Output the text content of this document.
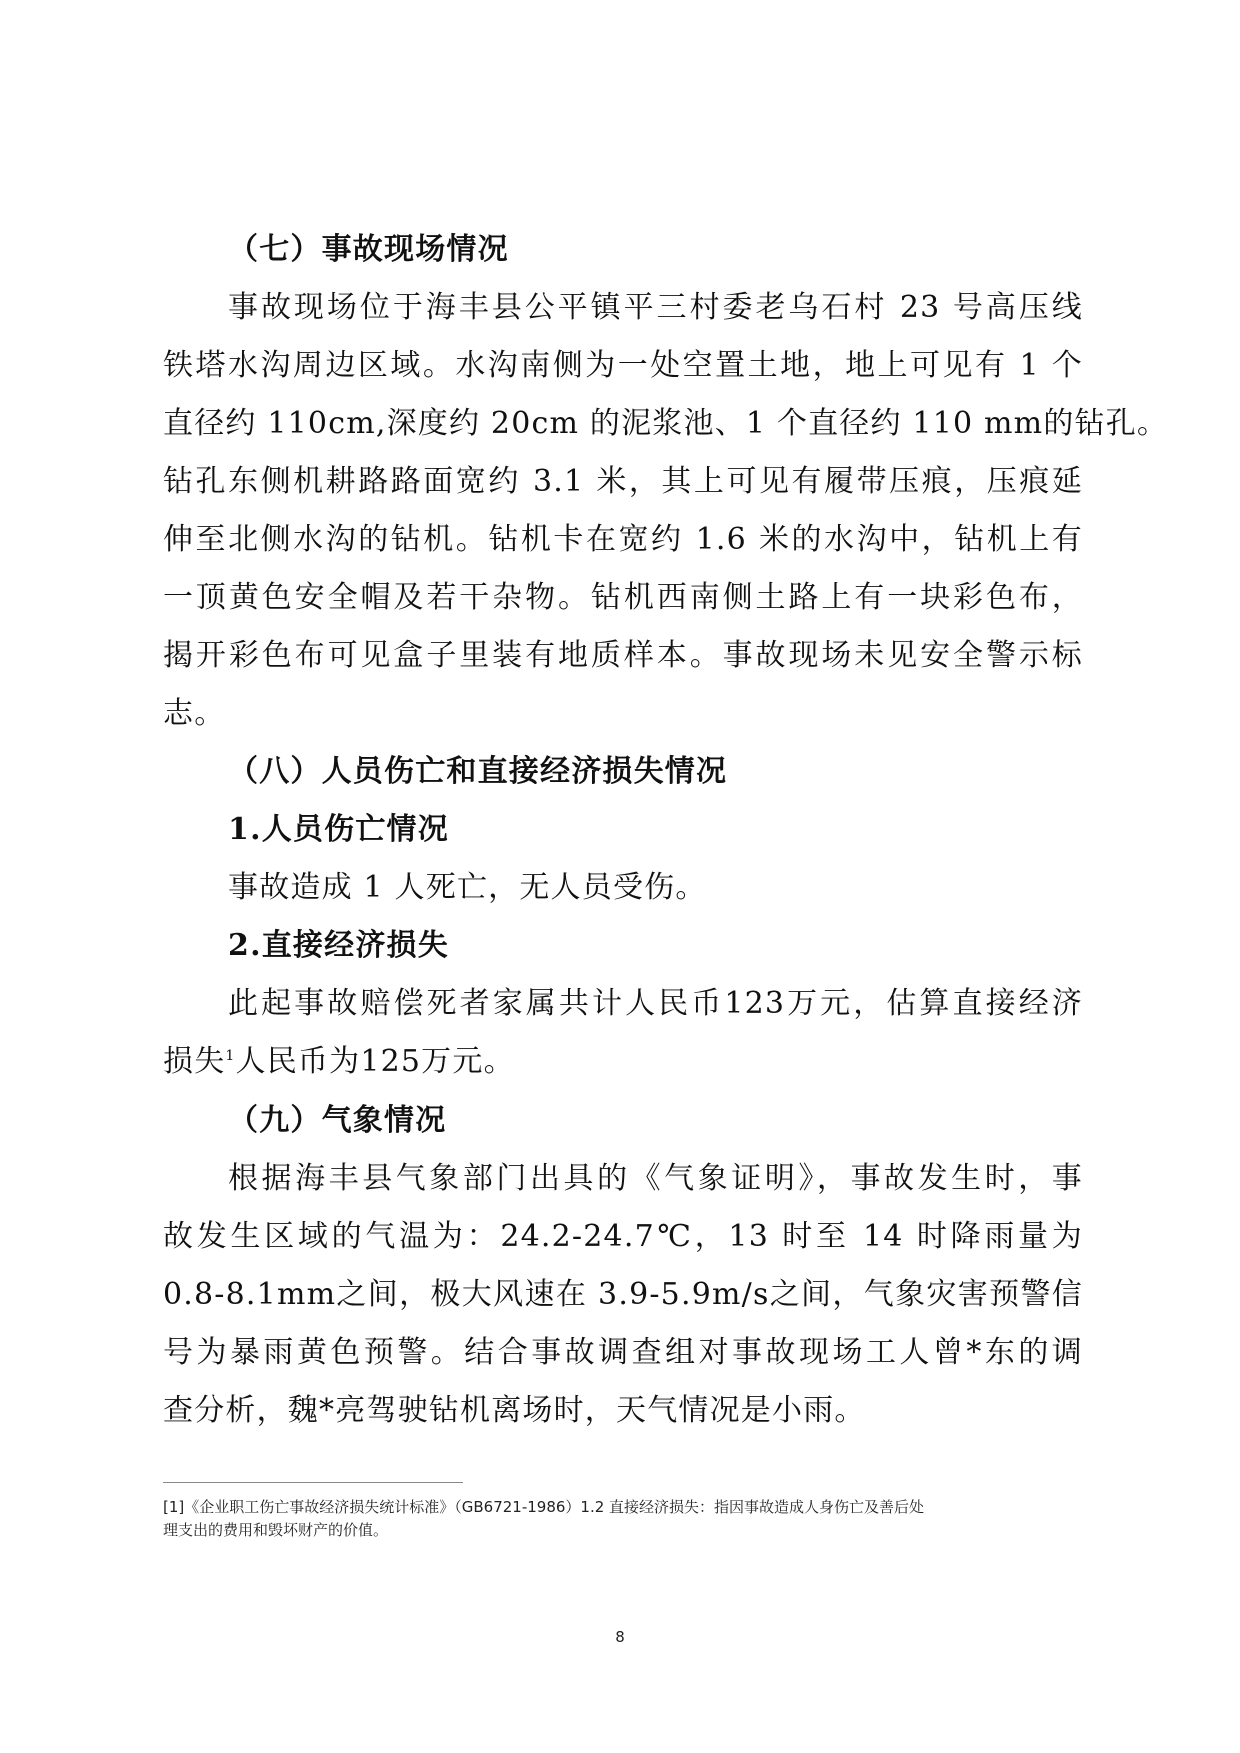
（七）事故现场情况
事故现场位于海丰县公平镇平三村委老乌石村 23 号高压线
铁塔水沟周边区域。水沟南侧为一处空置土地，地上可见有 1 个
直径约 110cm,深度约 20cm 的泥浆池、1 个直径约 110 mm的钻孔。
钻孔东侧机耕路路面宽约 3.1 米，其上可见有履带压痕，压痕延
伸至北侧水沟的钻机。钻机卡在宽约 1.6 米的水沟中，钻机上有
一顶黄色安全帽及若干杂物。钻机西南侧土路上有一块彩色布，
揭开彩色布可见盒子里装有地质样本。事故现场未见安全警示标
志。
（八）人员伤亡和直接经济损失情况
1.人员伤亡情况
事故造成 1 人死亡，无人员受伤。
2.直接经济损失
此起事故赔偿死者家属共计人民币123万元，估算直接经济
损失$^1$人民币为125万元。
（九）气象情况
根据海丰县气象部门出具的《气象证明》，事故发生时，事
故发生区域的气温为：24.2-24.7℃，13 时至 14 时降雨量为
0.8-8.1mm之间，极大风速在 3.9-5.9m/s之间，气象灾害预警信
号为暴雨黄色预警。结合事故调查组对事故现场工人曾*东的调
查分析，魏*亮驾驶钻机离场时，天气情况是小雨。
[1]《企业职工伤亡事故经济损失统计标准》（GB6721-1986）1.2 直接经济损失：指因事故造成人身伤亡及善后处
理支出的费用和毁坏财产的价值。
8
